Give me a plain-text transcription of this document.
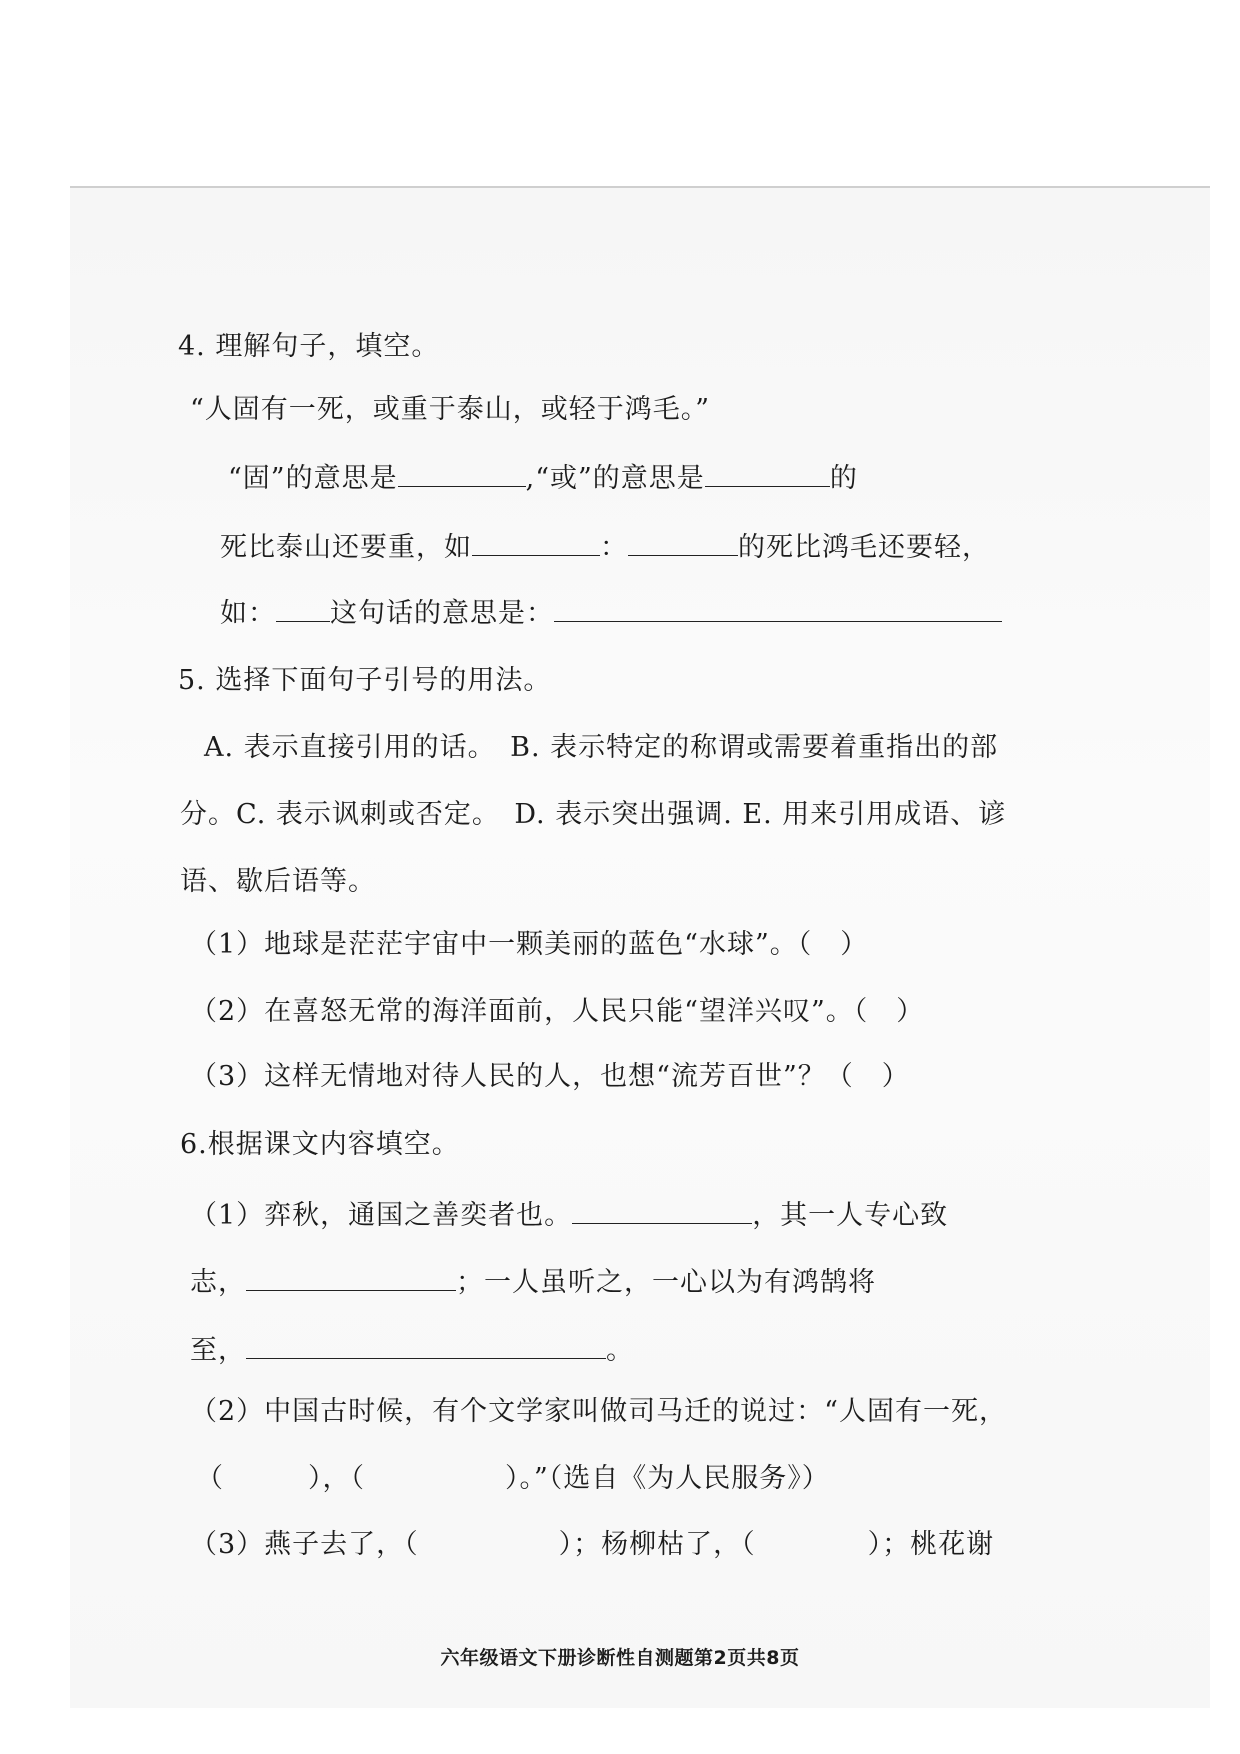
4. 理解句子，填空。
“人固有一死，或重于泰山，或轻于鸿毛。”
“固”的意思是	,“或”的意思是	的
死比泰山还要重，如	：	的死比鸿毛还要轻，
如： 这句话的意思是：
5. 选择下面句子引号的用法。
A. 表示直接引用的话。　B. 表示特定的称谓或需要着重指出的部
分。C. 表示讽刺或否定。　D. 表示突出强调. E. 用来引用成语、谚
语、歇后语等。
（1）地球是茫茫宇宙中一颗美丽的蓝色“水球”。（　）
（2）在喜怒无常的海洋面前，人民只能“望洋兴叹”。（　）
（3）这样无情地对待人民的人，也想“流芳百世”？（　）
6.根据课文内容填空。
（1）弈秋，通国之善奕者也。	，其一人专心致
志，	；一人虽听之，一心以为有鸿鹄将
至，	。
（2）中国古时候，有个文学家叫做司马迁的说过：“人固有一死，
（　　　），（　　　　　）。”（选自《为人民服务》）
（3）燕子去了，（　　　　　）；杨柳枯了，（　　　　）；桃花谢
六年级语文下册诊断性自测题第2页共8页
